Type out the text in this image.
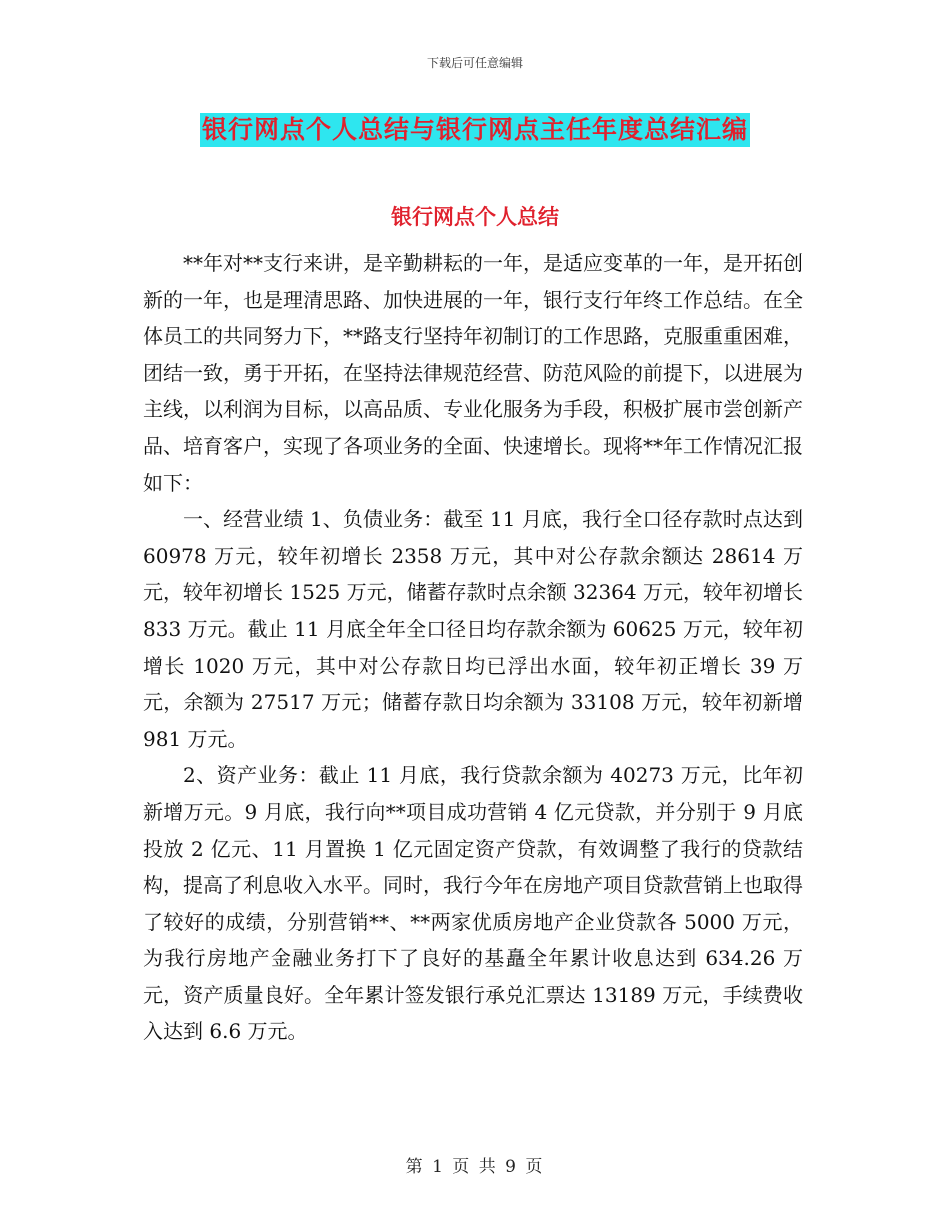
下载后可任意编辑
银行网点个人总结与银行网点主任年度总结汇编
银行网点个人总结

**年对**支行来讲，是辛勤耕耘的一年，是适应变革的一年，是开拓创新的一年，也是理清思路、加快进展的一年，银行支行年终工作总结。在全体员工的共同努力下，**路支行坚持年初制订的工作思路，克服重重困难，团结一致，勇于开拓，在坚持法律规范经营、防范风险的前提下，以进展为主线，以利润为目标，以高品质、专业化服务为手段，积极扩展市尝创新产品、培育客户，实现了各项业务的全面、快速增长。现将**年工作情况汇报如下：

一、经营业绩 1、负债业务：截至 11 月底，我行全口径存款时点达到 60978 万元，较年初增长 2358 万元，其中对公存款余额达 28614 万元，较年初增长 1525 万元，储蓄存款时点余额 32364 万元，较年初增长 833 万元。截止 11 月底全年全口径日均存款余额为 60625 万元，较年初增长 1020 万元，其中对公存款日均已浮出水面，较年初正增长 39 万元，余额为 27517 万元；储蓄存款日均余额为 33108 万元，较年初新增 981 万元。

2、资产业务：截止 11 月底，我行贷款余额为 40273 万元，比年初新增万元。9 月底，我行向**项目成功营销 4 亿元贷款，并分别于 9 月底投放 2 亿元、11 月置换 1 亿元固定资产贷款，有效调整了我行的贷款结构，提高了利息收入水平。同时，我行今年在房地产项目贷款营销上也取得了较好的成绩，分别营销**、**两家优质房地产企业贷款各 5000 万元，为我行房地产金融业务打下了良好的基矗全年累计收息达到 634.26 万元，资产质量良好。全年累计签发银行承兑汇票达 13189 万元，手续费收入达到 6.6 万元。

第 1 页 共 9 页
